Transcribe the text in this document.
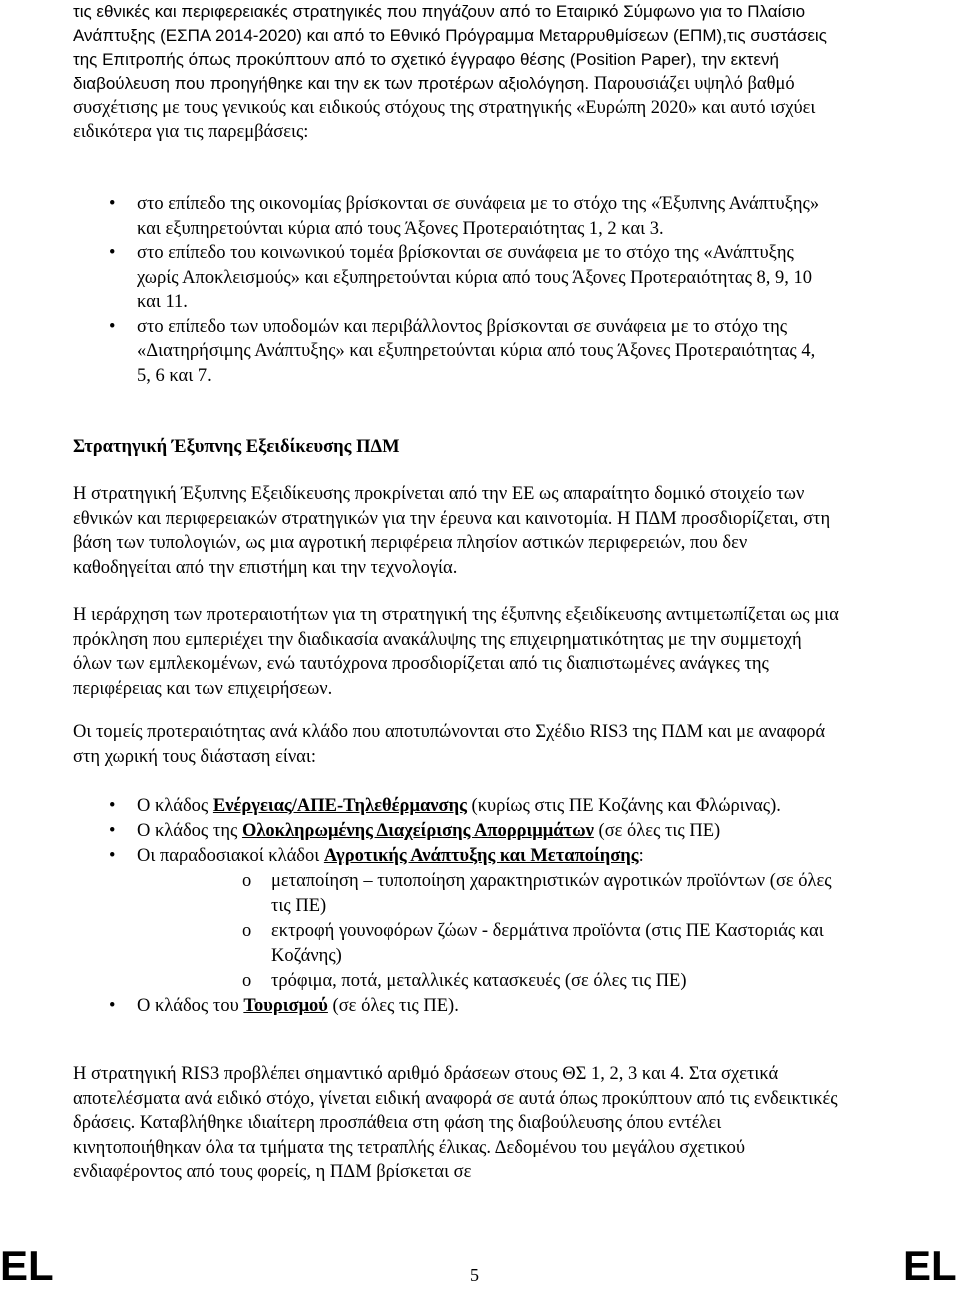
τις εθνικές και περιφερειακές στρατηγικές που πηγάζουν από το Εταιρικό Σύμφωνο για το Πλαίσιο Ανάπτυξης (ΕΣΠΑ 2014-2020) και από το Εθνικό Πρόγραμμα Μεταρρυθμίσεων (ΕΠΜ),τις συστάσεις της Επιτροπής όπως προκύπτουν από το σχετικό έγγραφο θέσης (Position Paper), την εκτενή διαβούλευση που προηγήθηκε και την εκ των προτέρων αξιολόγηση. Παρουσιάζει υψηλό βαθμό συσχέτισης με τους γενικούς και ειδικούς στόχους της στρατηγικής «Ευρώπη 2020» και αυτό ισχύει ειδικότερα για τις παρεμβάσεις:

• στο επίπεδο της οικονομίας βρίσκονται σε συνάφεια με το στόχο της «Έξυπνης Ανάπτυξης» και εξυπηρετούνται κύρια από τους Άξονες Προτεραιότητας 1, 2 και 3.
• στο επίπεδο του κοινωνικού τομέα βρίσκονται σε συνάφεια με το στόχο της «Ανάπτυξης χωρίς Αποκλεισμούς» και εξυπηρετούνται κύρια από τους Άξονες Προτεραιότητας 8, 9, 10 και 11.
• στο επίπεδο των υποδομών και περιβάλλοντος βρίσκονται σε συνάφεια με το στόχο της «Διατηρήσιμης Ανάπτυξης» και εξυπηρετούνται κύρια από τους Άξονες Προτεραιότητας 4, 5, 6 και 7.
Στρατηγική Έξυπνης Εξειδίκευσης ΠΔΜ

Η στρατηγική Έξυπνης Εξειδίκευσης προκρίνεται από την ΕΕ ως απαραίτητο δομικό στοιχείο των εθνικών και περιφερειακών στρατηγικών για την έρευνα και καινοτομία. Η ΠΔΜ προσδιορίζεται, στη βάση των τυπολογιών, ως μια αγροτική περιφέρεια πλησίον αστικών περιφερειών, που δεν καθοδηγείται από την επιστήμη και την τεχνολογία.

Η ιεράρχηση των προτεραιοτήτων για τη στρατηγική της έξυπνης εξειδίκευσης αντιμετωπίζεται ως μια πρόκληση που εμπεριέχει την διαδικασία ανακάλυψης της επιχειρηματικότητας με την συμμετοχή όλων των εμπλεκομένων, ενώ ταυτόχρονα προσδιορίζεται από τις διαπιστωμένες ανάγκες της περιφέρειας και των επιχειρήσεων.

Οι τομείς προτεραιότητας ανά κλάδο που αποτυπώνονται στο Σχέδιο RIS3 της ΠΔΜ και με αναφορά στη χωρική τους διάσταση είναι:

• Ο κλάδος Ενέργειας/ΑΠΕ-Τηλεθέρμανσης (κυρίως στις ΠΕ Κοζάνης και Φλώρινας).
• Ο κλάδος της Ολοκληρωμένης Διαχείρισης Απορριμμάτων (σε όλες τις ΠΕ)
• Οι παραδοσιακοί κλάδοι Αγροτικής Ανάπτυξης και Μεταποίησης:
o μεταποίηση – τυποποίηση χαρακτηριστικών αγροτικών προϊόντων (σε όλες τις ΠΕ)
o εκτροφή γουνοφόρων ζώων - δερμάτινα προϊόντα (στις ΠΕ Καστοριάς και Κοζάνης)
o τρόφιμα, ποτά, μεταλλικές κατασκευές (σε όλες τις ΠΕ)
• Ο κλάδος του Τουρισμού (σε όλες τις ΠΕ).

Η στρατηγική RIS3 προβλέπει σημαντικό αριθμό δράσεων στους ΘΣ 1, 2, 3 και 4. Στα σχετικά αποτελέσματα ανά ειδικό στόχο, γίνεται ειδική αναφορά σε αυτά όπως προκύπτουν από τις ενδεικτικές δράσεις. Καταβλήθηκε ιδιαίτερη προσπάθεια στη φάση της διαβούλευσης όπου εντέλει κινητοποιήθηκαν όλα τα τμήματα της τετραπλής έλικας. Δεδομένου του μεγάλου σχετικού ενδιαφέροντος από τους φορείς, η ΠΔΜ βρίσκεται σε

EL	5	EL
